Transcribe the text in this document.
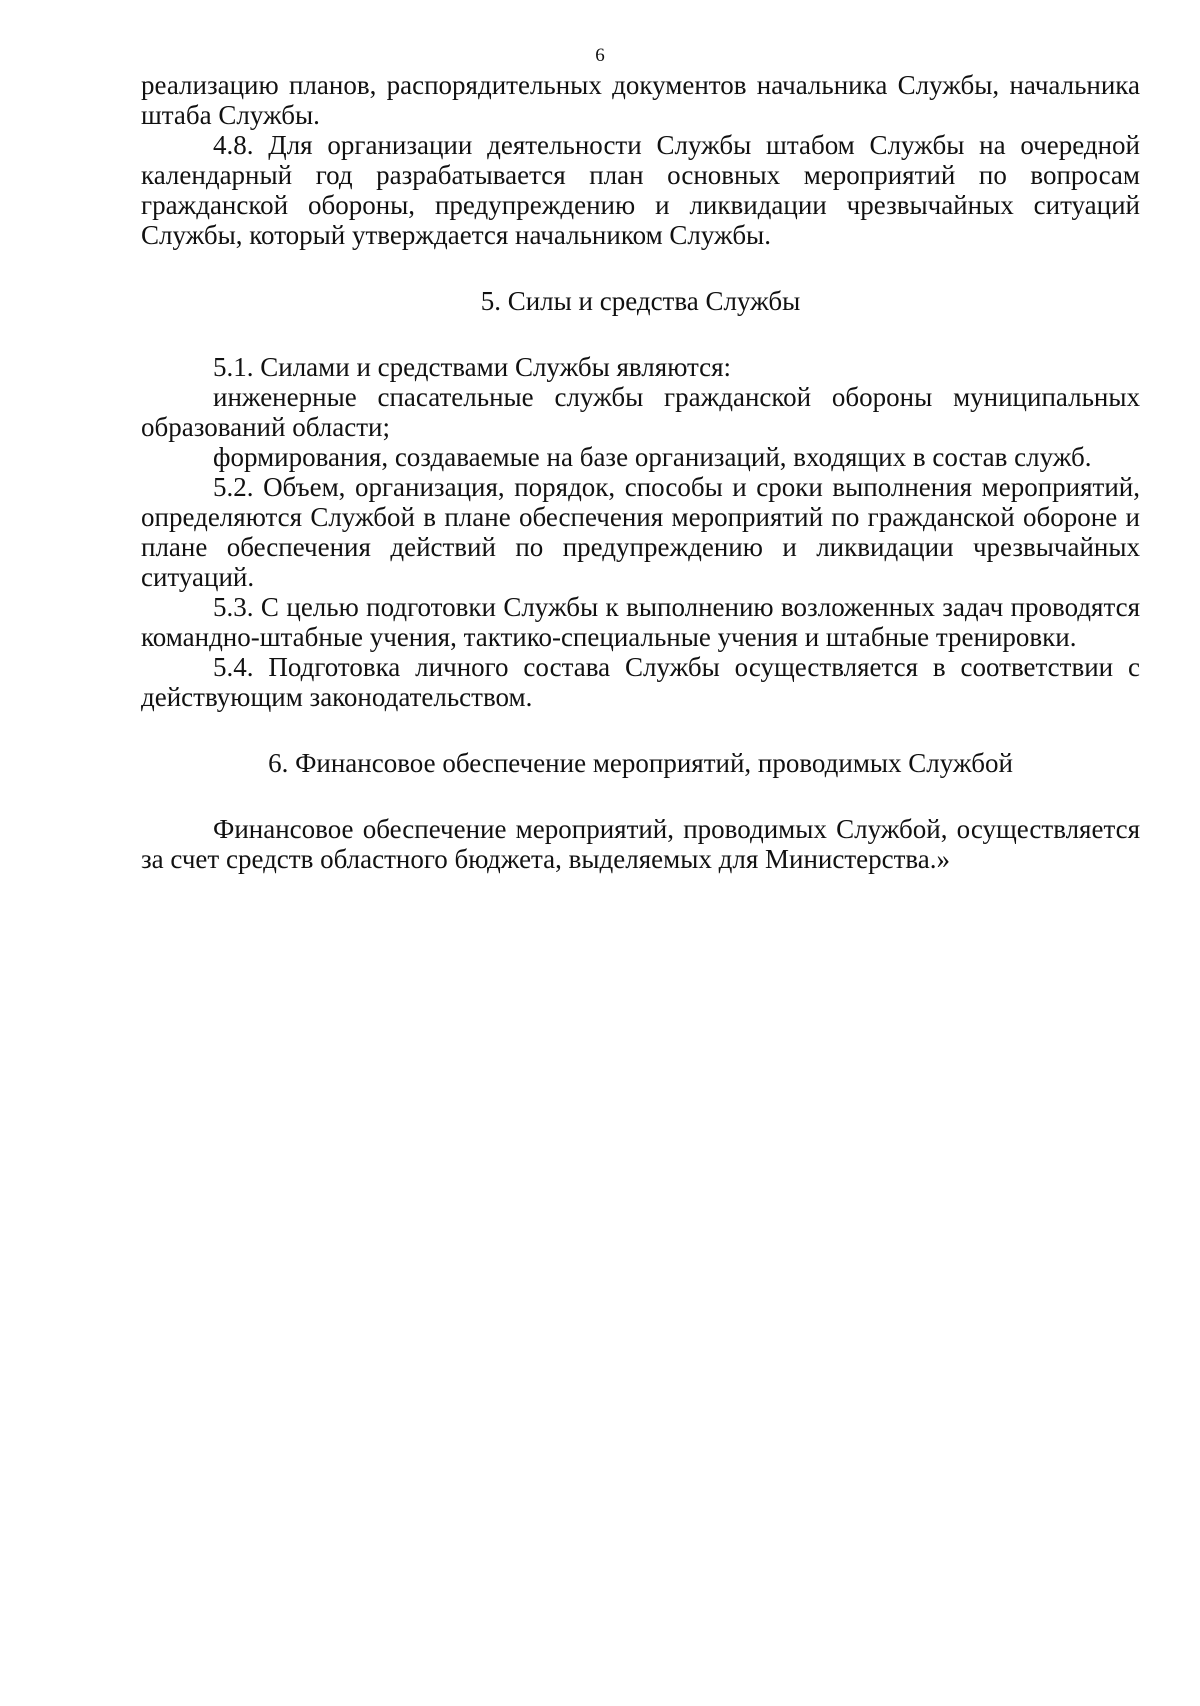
6

реализацию планов, распорядительных документов начальника Службы, начальника штаба Службы.

4.8. Для организации деятельности Службы штабом Службы на очередной календарный год разрабатывается план основных мероприятий по вопросам гражданской обороны, предупреждению и ликвидации чрезвычайных ситуаций Службы, который утверждается начальником Службы.

5. Силы и средства Службы

5.1. Силами и средствами Службы являются:

инженерные спасательные службы гражданской обороны муниципальных образований области;

формирования, создаваемые на базе организаций, входящих в состав служб.

5.2. Объем, организация, порядок, способы и сроки выполнения мероприятий, определяются Службой в плане обеспечения мероприятий по гражданской обороне и плане обеспечения действий по предупреждению и ликвидации чрезвычайных ситуаций.

5.3. С целью подготовки Службы к выполнению возложенных задач проводятся командно-штабные учения, тактико-специальные учения и штабные тренировки.

5.4. Подготовка личного состава Службы осуществляется в соответствии с действующим законодательством.

6. Финансовое обеспечение мероприятий, проводимых Службой

Финансовое обеспечение мероприятий, проводимых Службой, осуществляется за счет средств областного бюджета, выделяемых для Министерства.»
